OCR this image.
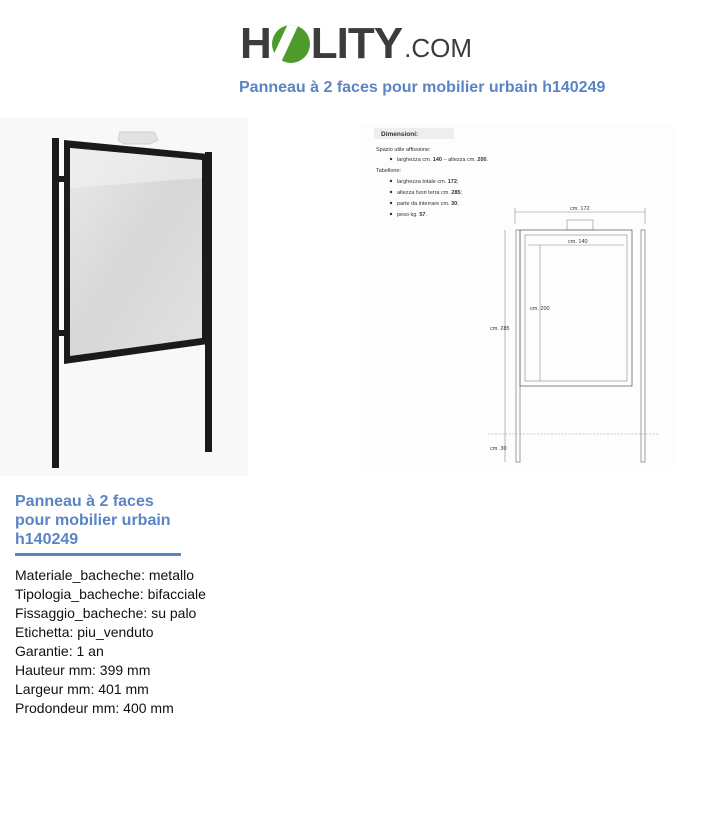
H LITY .COM
Panneau à 2 faces pour mobilier urbain h140249
Dimensioni:
Spazio utile affissione:
larghezza cm. 140 – altezza cm. 200.
Tabellone:
larghezza totale cm. 172;
altezza fuori terra cm. 285;
parte da interrare cm. 30;
peso kg. 57.
cm. 172
cm. 140
cm. 200
cm. 285
cm. 30
Panneau à 2 faces pour mobilier urbain h140249
Materiale_bacheche: metallo
Tipologia_bacheche: bifacciale
Fissaggio_bacheche: su palo
Etichetta: piu_venduto
Garantie: 1 an
Hauteur mm: 399 mm
Largeur mm: 401 mm
Prodondeur mm: 400 mm
